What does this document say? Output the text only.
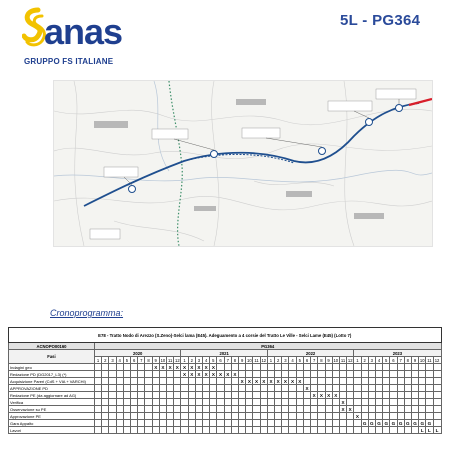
anas
GRUPPO FS ITALIANE
5L - PG364
Cronoprogramma:
E78 - Tratto Nodo di Arezzo (S.Zeno)-Selci lama (E45). Adeguamento a 4 corsie del Tratto Le Ville - Selci Lame (E45) (Lotto 7)																																																
ACNOPO00160	PG364																																															
Fasi	2020												2021												2022												2023											
	1	2	3	4	5	6	7	8	9	10	11	12	1	2	3	4	5	6	7	8	9	10	11	12	1	2	3	4	5	6	7	8	9	10	11	12	1	2	3	4	5	6	7	8	9	10	11	12
Indagini geo									X	X	X	X	X	X	X	X	X																															
Redazione PD (DG2017_L3) (*)													X	X	X	X	X	X	X	X																												
Acquisizione Pareri (CdS + VIA + VARCHI)																					X	X	X	X	X	X	X	X	X																			
APPROVAZIONE PD																														X																		
Redazione PE (da aggiornare ad AG)																															X	X	X	X														
Verifica																																			X													
Osservazione su PE																																			X	X												
Approvazione PE																																					X											
Gara Appalto																																						G	G	G	G	G	G	G	G	G	G	
Lavori																																														L	L	L
